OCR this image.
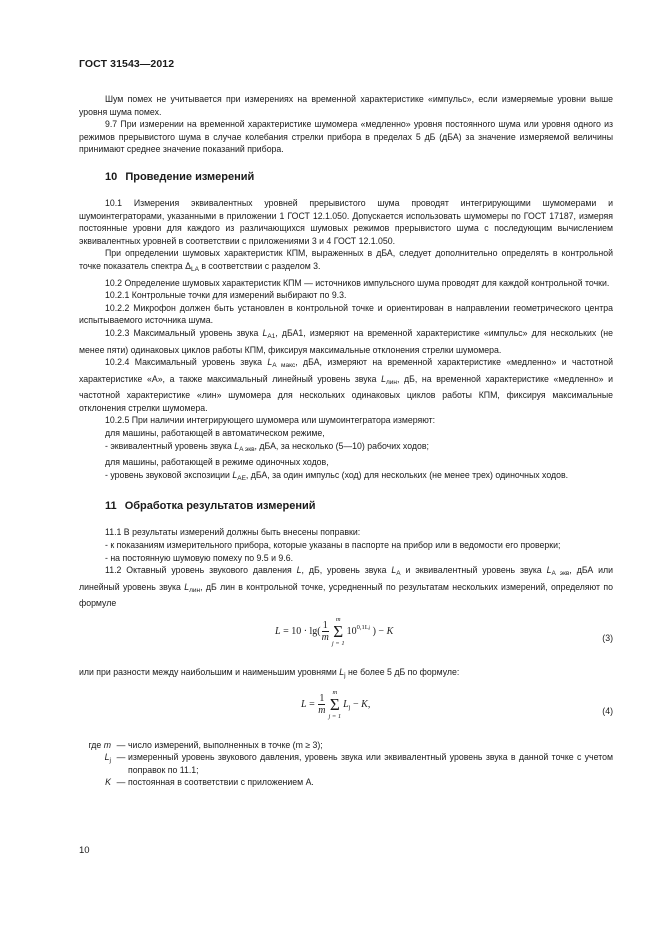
ГОСТ 31543—2012

Шум помех не учитывается при измерениях на временной характеристике «импульс», если измеряемые уровни выше уровня шума помех.

9.7 При измерении на временной характеристике шумомера «медленно» уровня постоянного шума или уровня одного из режимов прерывистого шума в случае колебания стрелки прибора в пределах 5 дБ (дБА) за значение измеряемой величины принимают среднее значение показаний прибора.

10 Проведение измерений

10.1 Измерения эквивалентных уровней прерывистого шума проводят интегрирующими шумомерами и шумоинтеграторами, указанными в приложении 1 ГОСТ 12.1.050. Допускается использовать шумомеры по ГОСТ 17187, измеряя постоянные уровни для каждого из различающихся шумовых режимов прерывистого шума с последующим вычислением эквивалентных уровней в соответствии с приложениями 3 и 4 ГОСТ 12.1.050.

При определении шумовых характеристик КПМ, выраженных в дБА, следует дополнительно определять в контрольной точке показатель спектра $\Delta_{LA}$ в соответствии с разделом 3.

10.2 Определение шумовых характеристик КПМ — источников импульсного шума проводят для каждой контрольной точки.

10.2.1 Контрольные точки для измерений выбирают по 9.3.

10.2.2 Микрофон должен быть установлен в контрольной точке и ориентирован в направлении геометрического центра испытываемого источника шума.

10.2.3 Максимальный уровень звука $L_{A1}$, дБА1, измеряют на временной характеристике «импульс» для нескольких (не менее пяти) одинаковых циклов работы КПМ, фиксируя максимальные отклонения стрелки шумомера.

10.2.4 Максимальный уровень звука $L_{A макс}$, дБА, измеряют на временной характеристике «медленно» и частотной характеристике «А», а также максимальный линейный уровень звука $L_{лин}$, дБ, на временной характеристике «медленно» и частотной характеристике «лин» шумомера для нескольких одинаковых циклов работы КПМ, фиксируя максимальные отклонения стрелки шумомера.

10.2.5 При наличии интегрирующего шумомера или шумоинтегратора измеряют:

для машины, работающей в автоматическом режиме,

- эквивалентный уровень звука $L_{A экв}$, дБА, за несколько (5—10) рабочих ходов;

для машины, работающей в режиме одиночных ходов,

- уровень звуковой экспозиции $L_{AE}$, дБА, за один импульс (ход) для нескольких (не менее трех) одиночных ходов.

11 Обработка результатов измерений

11.1 В результаты измерений должны быть внесены поправки:

- к показаниям измерительного прибора, которые указаны в паспорте на прибор или в ведомости его проверки;

- на постоянную шумовую помеху по 9.5 и 9.6.

11.2 Октавный уровень звукового давления L, дБ, уровень звука $L_A$ и эквивалентный уровень звука $L_{A экв}$, дБА или линейный уровень звука $L_{лин}$, дБ лин в контрольной точке, усредненный по результатам нескольких измерений, определяют по формуле

$L = 10 \cdot \lg( \frac{1}{m}$
m
Σ
j = 1
$10^{0,1Lj}$ ) − K
(3)

или при разности между наибольшим и наименьшим уровнями $L_j$ не более 5 дБ по формуле:

$L = \frac{1}{m}$
m
Σ
j = 1
$L_j - K$,
(4)
где m — число измерений, выполненных в точке (m ≥ 3);
$L_j$ — измеренный уровень звукового давления, уровень звука или эквивалентный уровень звука в данной точке с учетом поправок по 11.1;
K — постоянная в соответствии с приложением А.
10
